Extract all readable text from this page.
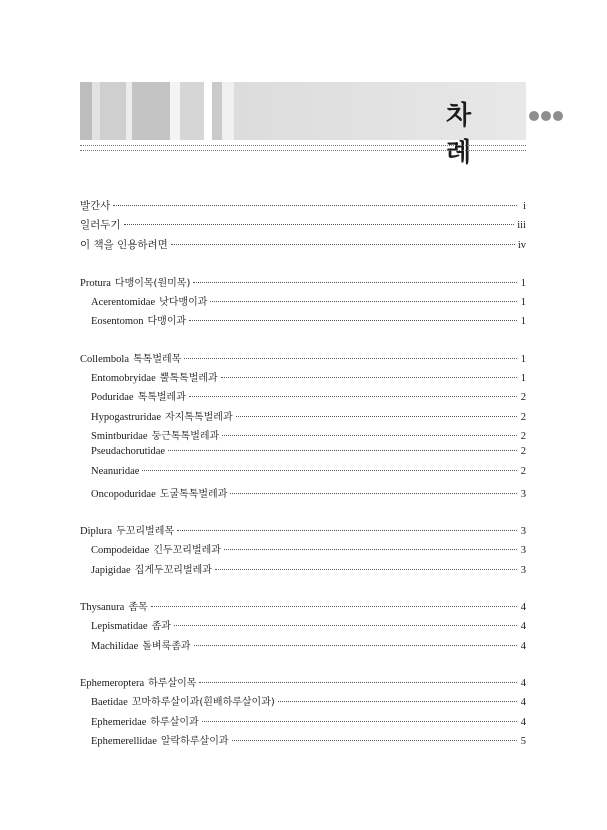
차 례
발간사	i
일러두기	iii
이 책을 인용하려면	iv
Protura 다맹이목(원미목)	1
Acerentomidae 낫다맹이과	1
Eosentomon 다맹이과	1
Collembola 톡톡벌레목	1
Entomobryidae 뿔톡톡벌레과	1
Poduridae 톡톡벌레과	2
Hypogastruridae 자지톡톡벌레과	2
Smintburidae 둥근톡톡벌레과	2
Pseudachorutidae	2
Neanuridae	2
Oncopoduridae 도굴톡톡벌레과	3
Diplura 두꼬리벌레목	3
Compodeidae 긴두꼬리벌레과	3
Japigidae 집게두꼬리벌레과	3
Thysanura 좀목	4
Lepismatidae 좀과	4
Machilidae 돌벼룩좀과	4
Ephemeroptera 하루살이목	4
Baetidae 꼬마하루살이과(흰배하루살이과)	4
Ephemeridae 하루살이과	4
Ephemerellidae 알락하루살이과	5
